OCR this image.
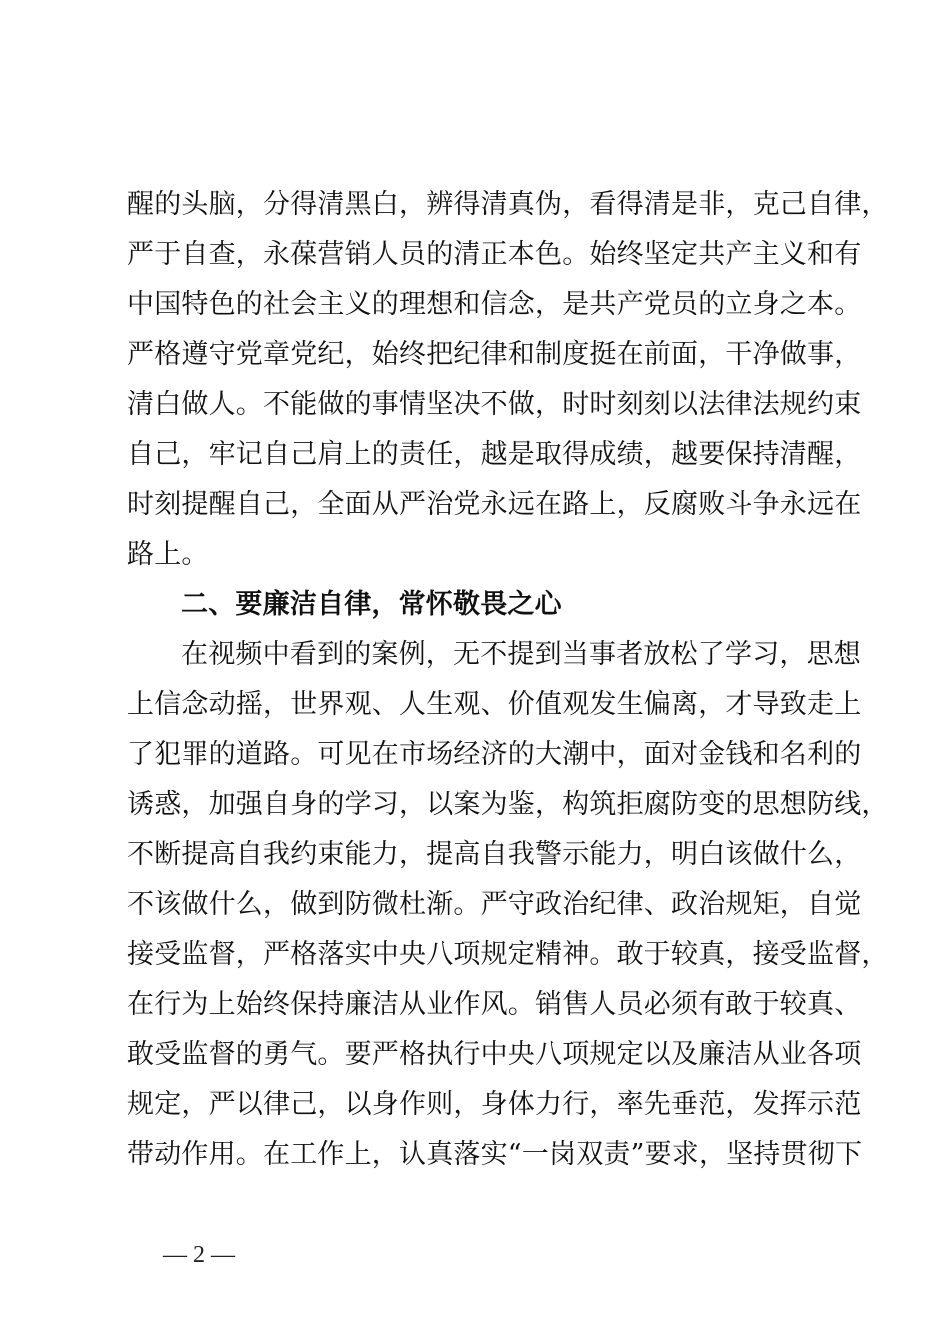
醒的头脑，分得清黑白，辨得清真伪，看得清是非，克己自律，
严于自查，永葆营销人员的清正本色。始终坚定共产主义和有
中国特色的社会主义的理想和信念，是共产党员的立身之本。
严格遵守党章党纪，始终把纪律和制度挺在前面，干净做事，
清白做人。不能做的事情坚决不做，时时刻刻以法律法规约束
自己，牢记自己肩上的责任，越是取得成绩，越要保持清醒，
时刻提醒自己，全面从严治党永远在路上，反腐败斗争永远在
路上。
二、要廉洁自律，常怀敬畏之心
在视频中看到的案例，无不提到当事者放松了学习，思想
上信念动摇，世界观、人生观、价值观发生偏离，才导致走上
了犯罪的道路。可见在市场经济的大潮中，面对金钱和名利的
诱惑，加强自身的学习，以案为鉴，构筑拒腐防变的思想防线，
不断提高自我约束能力，提高自我警示能力，明白该做什么，
不该做什么，做到防微杜渐。严守政治纪律、政治规矩，自觉
接受监督，严格落实中央八项规定精神。敢于较真，接受监督，
在行为上始终保持廉洁从业作风。销售人员必须有敢于较真、
敢受监督的勇气。要严格执行中央八项规定以及廉洁从业各项
规定，严以律己，以身作则，身体力行，率先垂范，发挥示范
带动作用。在工作上，认真落实“一岗双责”要求，坚持贯彻下
— 2 —
